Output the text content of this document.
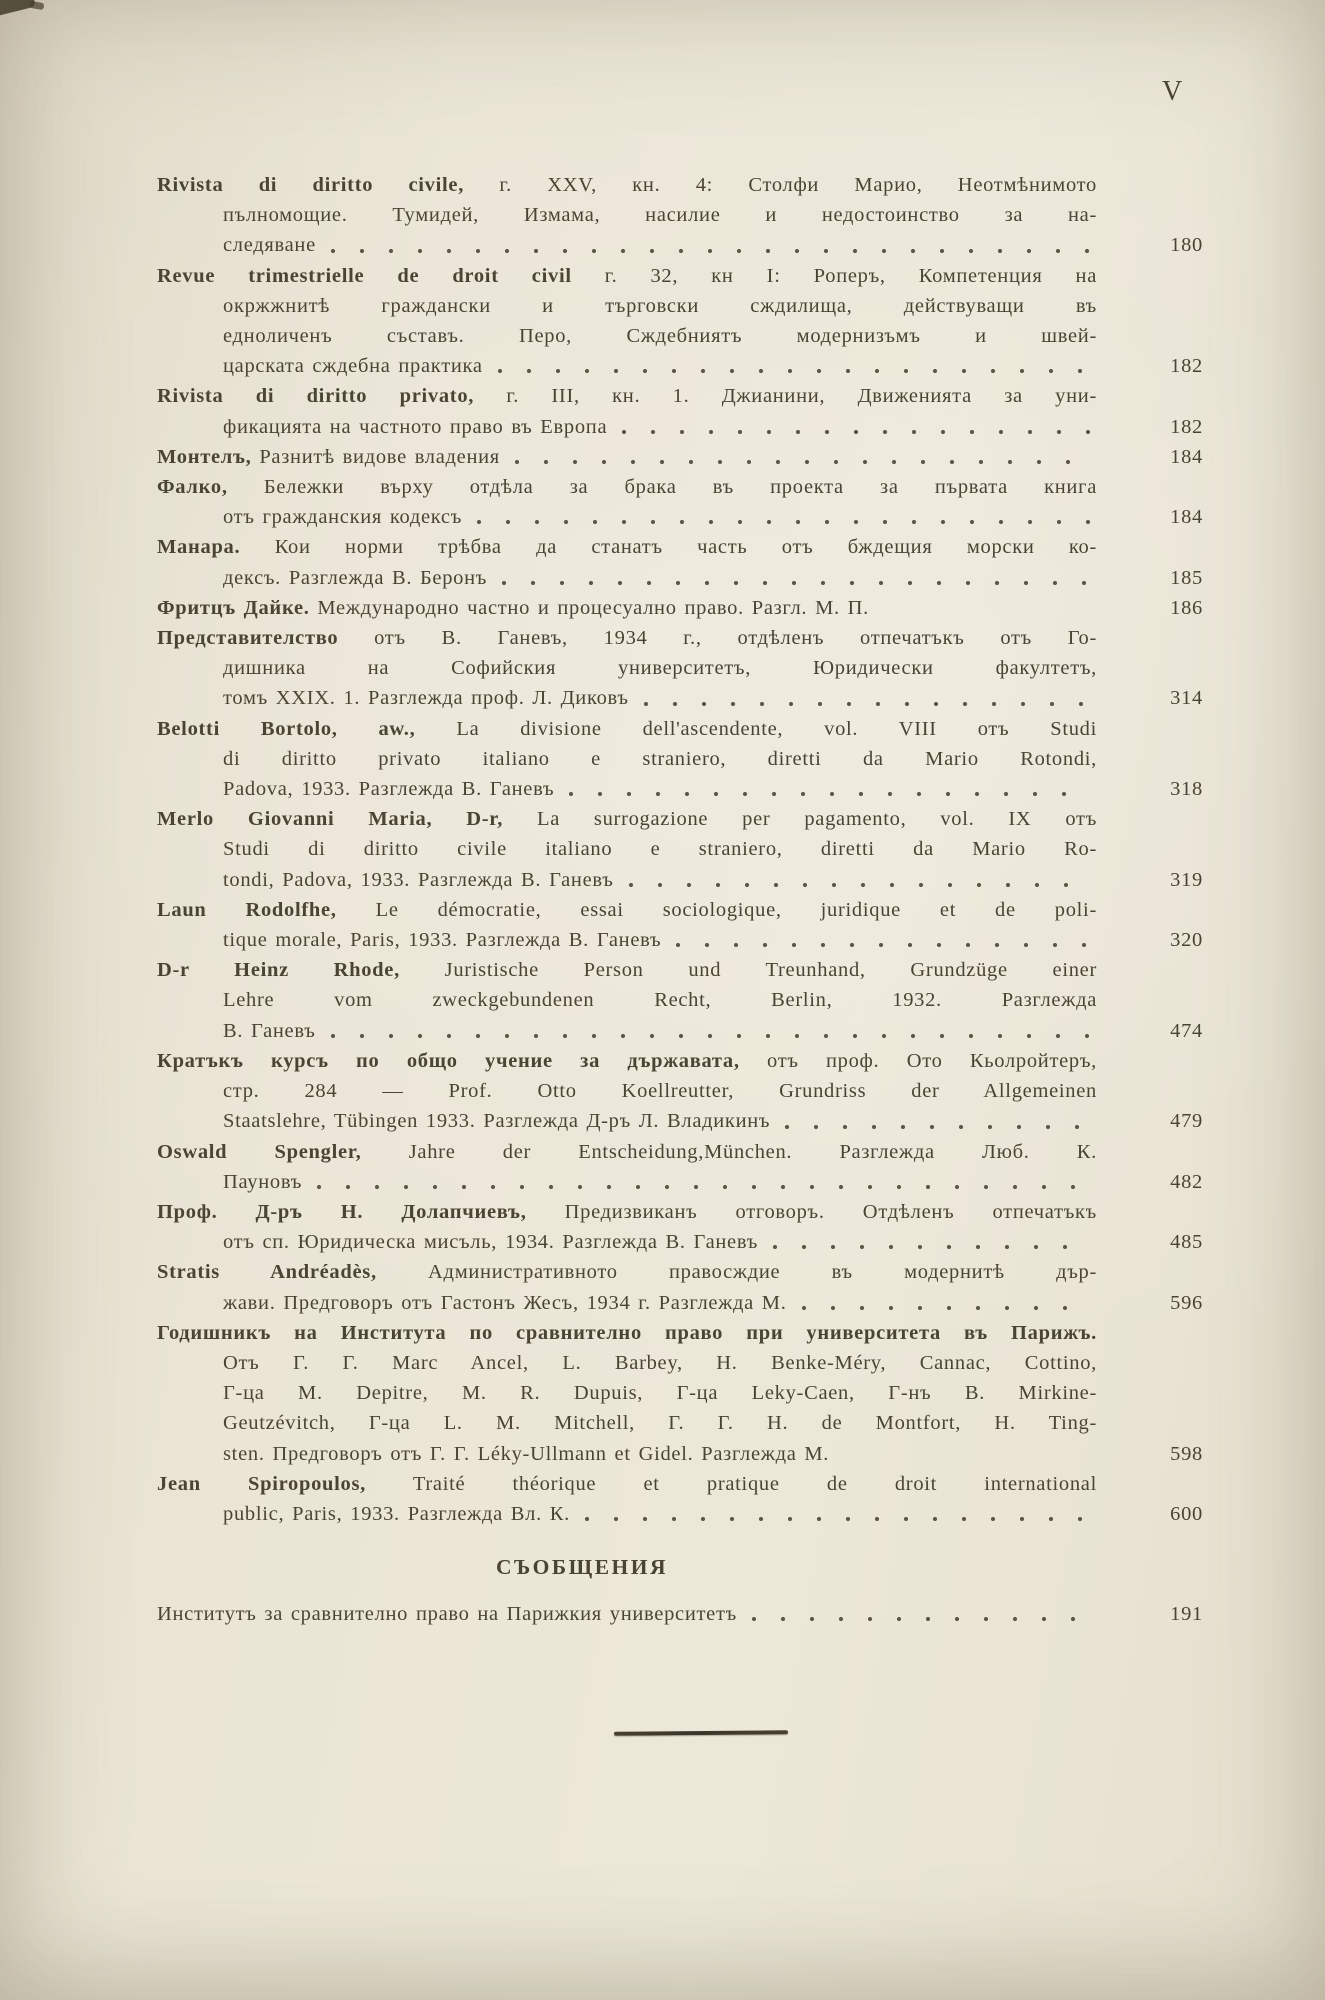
V
Rivista di diritto civile, г. XXV, кн. 4: Столфи Марио, Неотмѣнимото
пълномощие. Тумидей, Измама, насилие и недостоинство за на-
следяване	180
Revue trimestrielle de droit civil г. 32, кн I: Роперъ, Компетенция на
окржжнитѣ граждански и търговски сждилища, действуващи въ
едноличенъ съставъ. Перо, Сждебниятъ модернизъмъ и швей-
царската сждебна практика	182
Rivista di diritto privato, г. III, кн. 1. Джианини, Движенията за уни-
фикацията на частното право въ Европа	182
Монтелъ, Разнитѣ видове владения	184
Фалко, Бележки върху отдѣла за брака въ проекта за първата книга
отъ гражданския кодексъ	184
Манара. Кои норми трѣбва да станатъ часть отъ бждещия морски ко-
дексъ. Разглежда В. Беронъ	185
Фритцъ Дайке. Международно частно и процесуално право. Разгл. М. П.	186
Представителство отъ В. Ганевъ, 1934 г., отдѣленъ отпечатъкъ отъ Го-
дишника на Софийския университетъ, Юридически факултетъ,
томъ XXIX. 1. Разглежда проф. Л. Диковъ	314
Belotti Bortolo, aw., La divisione dell'ascendente, vol. VIII отъ Studi
di diritto privato italiano e straniero, diretti da Mario Rotondi,
Padova, 1933. Разглежда В. Ганевъ	318
Merlo Giovanni Maria, D-r, La surrogazione per pagamento, vol. IX отъ
Studi di diritto civile italiano e straniero, diretti da Mario Ro-
tondi, Padova, 1933. Разглежда В. Ганевъ	319
Laun Rodolfhe, Le démocratie, essai sociologique, juridique et de poli-
tique morale, Paris, 1933. Разглежда В. Ганевъ	320
D-r Heinz Rhode, Juristische Person und Treunhand, Grundzüge einer
Lehre vom zweckgebundenen Recht, Berlin, 1932. Разглежда
В. Ганевъ	474
Кратъкъ курсъ по общо учение за държавата, отъ проф. Ото Кьолройтеръ,
стр. 284 — Prof. Otto Koellreutter, Grundriss der Allgemeinen
Staatslehre, Tübingen 1933. Разглежда Д-ръ Л. Владикинъ	479
Oswald Spengler, Jahre der Entscheidung,München. Разглежда Люб. К.
Пауновъ	482
Проф. Д-ръ Н. Долапчиевъ, Предизвиканъ отговоръ. Отдѣленъ отпечатъкъ
отъ сп. Юридическа мисъль, 1934. Разглежда В. Ганевъ	485
Stratis Andréadès, Административното правосждие въ модернитѣ дър-
жави. Предговоръ отъ Гастонъ Жесъ, 1934 г. Разглежда М.	596
Годишникъ на Института по сравнително право при университета въ Парижъ.
Отъ Г. Г. Marc Ancel, L. Barbey, H. Benke-Méry, Cannac, Cottino,
Г-ца М. Depitre, M. R. Dupuis, Г-ца Leky-Caen, Г-нъ В. Mirkine-
Geutzévitch, Г-ца L. M. Mitchell, Г. Г. H. de Montfort, H. Ting-
sten. Предговоръ отъ Г. Г. Léky-Ullmann et Gidel. Разглежда М.	598
Jean Spiropoulos, Traité théorique et pratique de droit international
public, Paris, 1933. Разглежда Вл. К.	600
СЪОБЩЕНИЯ
Институтъ за сравнително право на Парижкия университетъ	191
